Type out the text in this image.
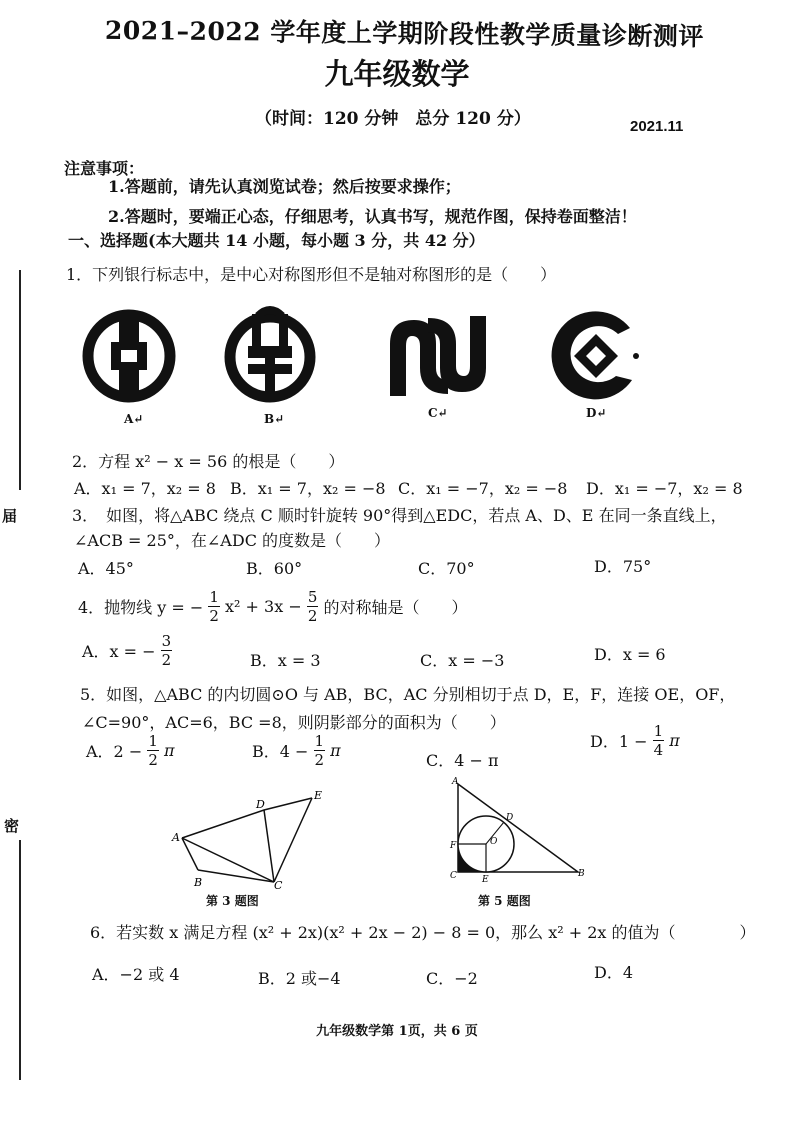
届
密
2021–2022 学年度上学期阶段性教学质量诊断测评
九年级数学
（时间：120 分钟　总分 120 分）	2021.11
注意事项：
1.答题前，请先认真浏览试卷；然后按要求操作；
2.答题时，要端正心态，仔细思考，认真书写，规范作图，保持卷面整洁！
一、选择题(本大题共 14 小题，每小题 3 分，共 42 分）
1．下列银行标志中，是中心对称图形但不是轴对称图形的是（　　）
A↵	B↵	C↵	D↵
2．方程 x² − x = 56 的根是（　　）
A．x₁ = 7，x₂ = 8 B．x₁ = 7，x₂ = −8 C．x₁ = −7，x₂ = −8 D．x₁ = −7，x₂ = 8
3．　如图，将△ABC 绕点 C 顺时针旋转 90°得到△EDC，若点 A、D、E 在同一条直线上，
∠ACB = 25°，在∠ADC 的度数是（　　）
A．45°	B．60°	C．70°	D．75°
4．抛物线 y = − $\frac{1}{2} x^2 + 3x - \frac{5}{2}$ 的对称轴是（　　）
A．x = − $\frac{3}{2}$	B．x = 3	C．x = −3	D．x = 6
5．如图，△ABC 的内切圆⊙O 与 AB，BC，AC 分别相切于点 D，E，F，连接 OE，OF，
∠C=90°，AC=6，BC =8，则阴影部分的面积为（　　）
A．$2 - \frac{1}{2}$ π	B．$4 - \frac{1}{2}$ π
C．4 − π
D．$1 - \frac{1}{4}$ π
A
B	C
D
E
第 3 题图
A
B
C
D
E
F	O
第 5 题图
6．若实数 x 满足方程 (x² + 2x)(x² + 2x − 2) − 8 = 0，那么 x² + 2x 的值为（　　　　）
A．−2 或 4	B．2 或−4	C．−2	D．4
九年级数学第 1页，共 6 页
